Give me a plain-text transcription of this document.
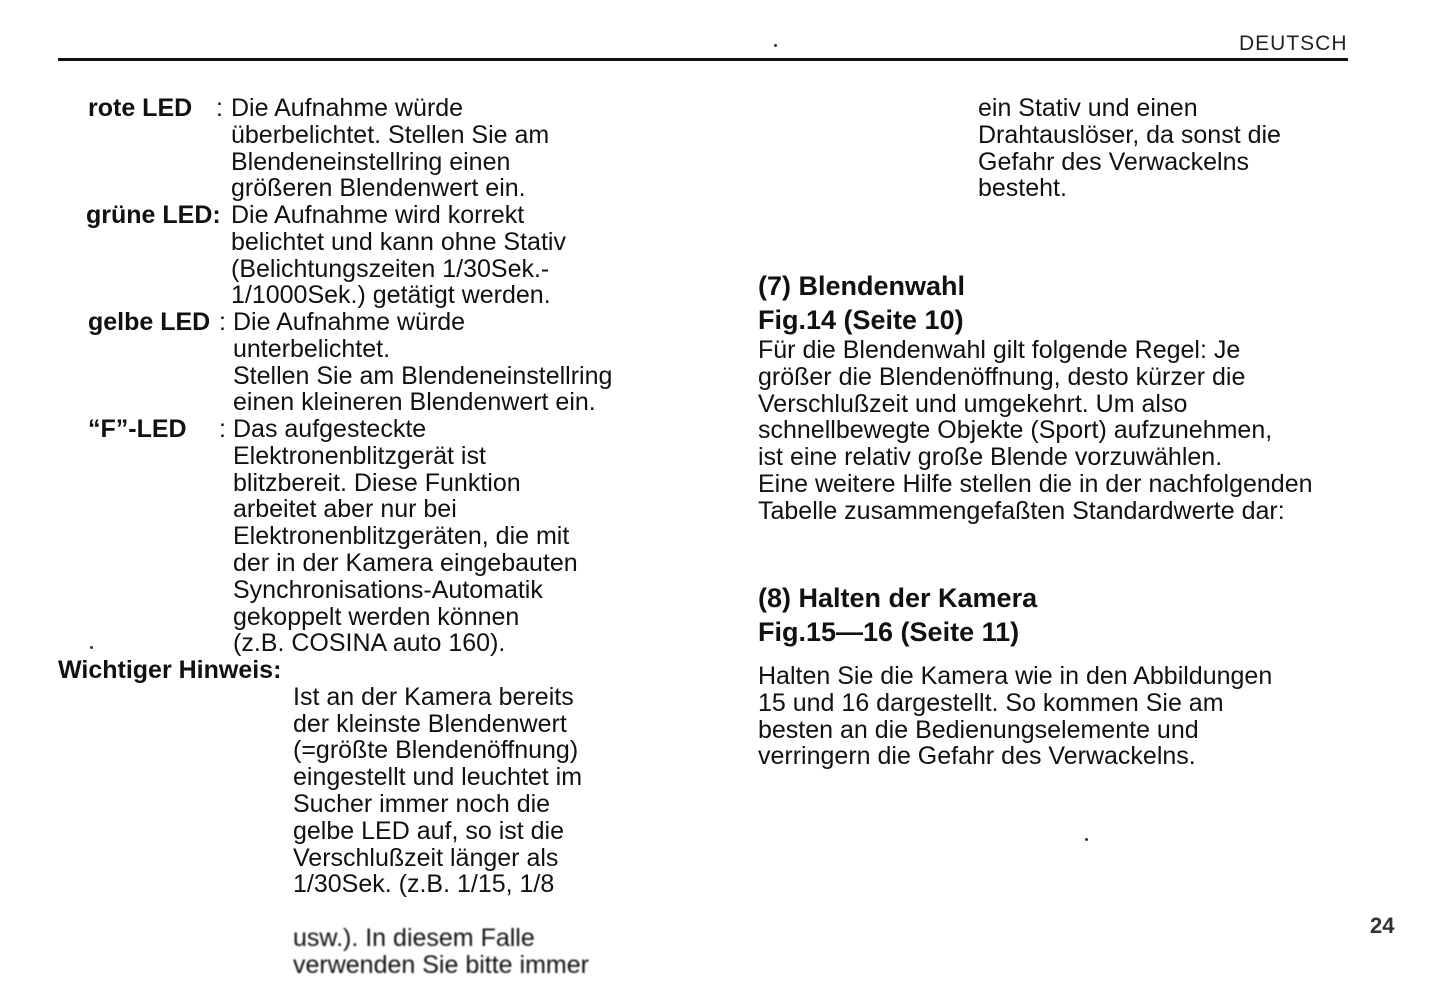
DEUTSCH
rote LED : Die Aufnahme würde
überbelichtet. Stellen Sie am
Blendeneinstellring einen
größeren Blendenwert ein.
grüne LED: Die Aufnahme wird korrekt
belichtet und kann ohne Stativ
(Belichtungszeiten 1/30Sek.-
1/1000Sek.) getätigt werden.
gelbe LED : Die Aufnahme würde
unterbelichtet.
Stellen Sie am Blendeneinstellring
einen kleineren Blendenwert ein.
“F”-LED : Das aufgesteckte
Elektronenblitzgerät ist
blitzbereit. Diese Funktion
arbeitet aber nur bei
Elektronenblitzgeräten, die mit
der in der Kamera eingebauten
Synchronisations-Automatik
gekoppelt werden können
(z.B. COSINA auto 160).
Wichtiger Hinweis:

Ist an der Kamera bereits
der kleinste Blendenwert
(=größte Blendenöffnung)
eingestellt und leuchtet im
Sucher immer noch die
gelbe LED auf, so ist die
Verschlußzeit länger als
1/30Sek. (z.B. 1/15, 1/8

usw.). In diesem Falle
verwenden Sie bitte immer

ein Stativ und einen
Drahtauslöser, da sonst die
Gefahr des Verwackelns
besteht.
(7) Blendenwahl
Fig.14 (Seite 10)
Für die Blendenwahl gilt folgende Regel: Je
größer die Blendenöffnung, desto kürzer die
Verschlußzeit und umgekehrt. Um also
schnellbewegte Objekte (Sport) aufzunehmen,
ist eine relativ große Blende vorzuwählen.
Eine weitere Hilfe stellen die in der nachfolgenden
Tabelle zusammengefaßten Standardwerte dar:
(8) Halten der Kamera
Fig.15—16 (Seite 11)
Halten Sie die Kamera wie in den Abbildungen
15 und 16 dargestellt. So kommen Sie am
besten an die Bedienungselemente und
verringern die Gefahr des Verwackelns.
24
